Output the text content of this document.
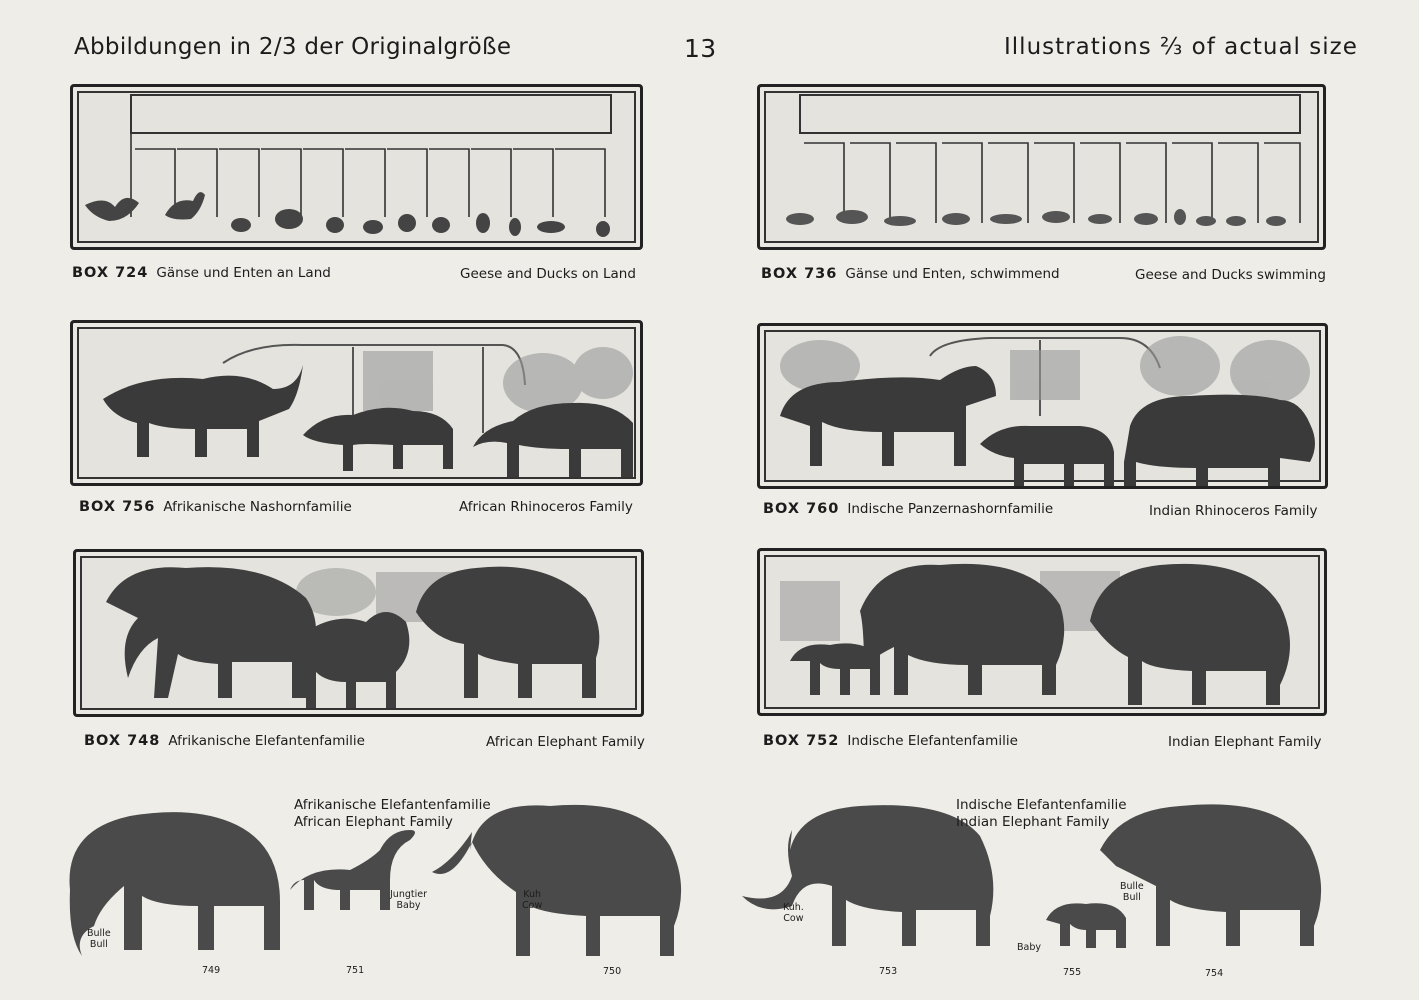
Abbildungen in 2/3 der Originalgröße	13	Illustrations ⅔ of actual size
BOX 724 Gänse und Enten an Land	Geese and Ducks on Land	BOX 736 Gänse und Enten, schwimmend	Geese and Ducks swimming
BOX 756 Afrikanische Nashornfamilie	African Rhinoceros Family	BOX 760 Indische Panzernashornfamilie	Indian Rhinoceros Family
BOX 748 Afrikanische Elefantenfamilie	African Elephant Family	BOX 752 Indische Elefantenfamilie	Indian Elephant Family
Afrikanische Elefantenfamilie
African Elephant Family
Indische Elefantenfamilie
Indian Elephant Family
Bulle
Bull
Jungtier
Baby
Kuh
Cow	Kuh.
Cow
Bulle
Bull
Baby
749	751	750	753	755	754
